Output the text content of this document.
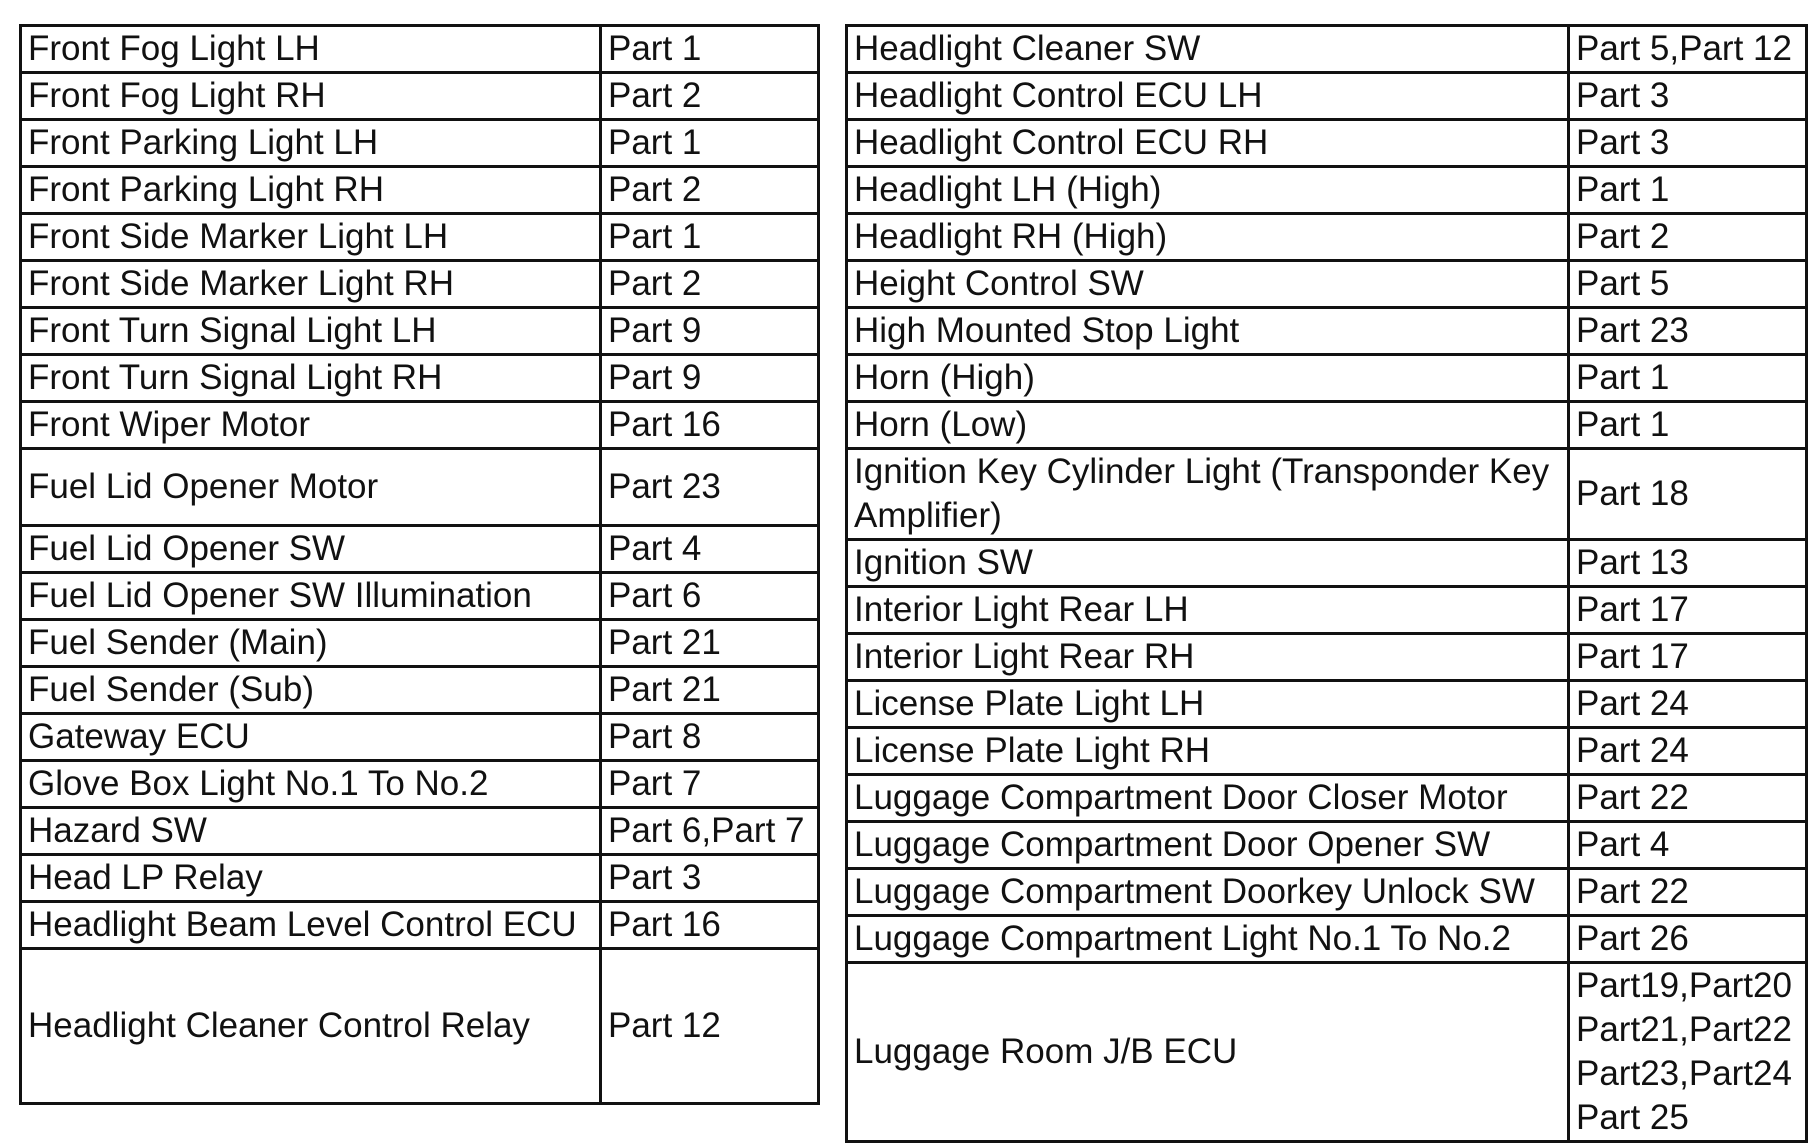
Front Fog Light LH	Part 1
Front Fog Light RH	Part 2
Front Parking Light LH	Part 1
Front Parking Light RH	Part 2
Front Side Marker Light LH	Part 1
Front Side Marker Light RH	Part 2
Front Turn Signal Light LH	Part 9
Front Turn Signal Light RH	Part 9
Front Wiper Motor	Part 16
Fuel Lid Opener Motor	Part 23
Fuel Lid Opener SW	Part 4
Fuel Lid Opener SW Illumination	Part 6
Fuel Sender (Main)	Part 21
Fuel Sender (Sub)	Part 21
Gateway ECU	Part 8
Glove Box Light No.1 To No.2	Part 7
Hazard SW	Part 6,Part 7
Head LP Relay	Part 3
Headlight Beam Level Control ECU	Part 16
Headlight Cleaner Control Relay	Part 12
Headlight Cleaner SW	Part 5,Part 12
Headlight Control ECU LH	Part 3
Headlight Control ECU RH	Part 3
Headlight LH (High)	Part 1
Headlight RH (High)	Part 2
Height Control SW	Part 5
High Mounted Stop Light	Part 23
Horn (High)	Part 1
Horn (Low)	Part 1
Ignition Key Cylinder Light (Transponder Key Amplifier)	Part 18
Ignition SW	Part 13
Interior Light Rear LH	Part 17
Interior Light Rear RH	Part 17
License Plate Light LH	Part 24
License Plate Light RH	Part 24
Luggage Compartment Door Closer Motor	Part 22
Luggage Compartment Door Opener SW	Part 4
Luggage Compartment Doorkey Unlock SW	Part 22
Luggage Compartment Light No.1 To No.2	Part 26
Luggage Room J/B ECU	Part19,Part20
Part21,Part22
Part23,Part24
Part 25
